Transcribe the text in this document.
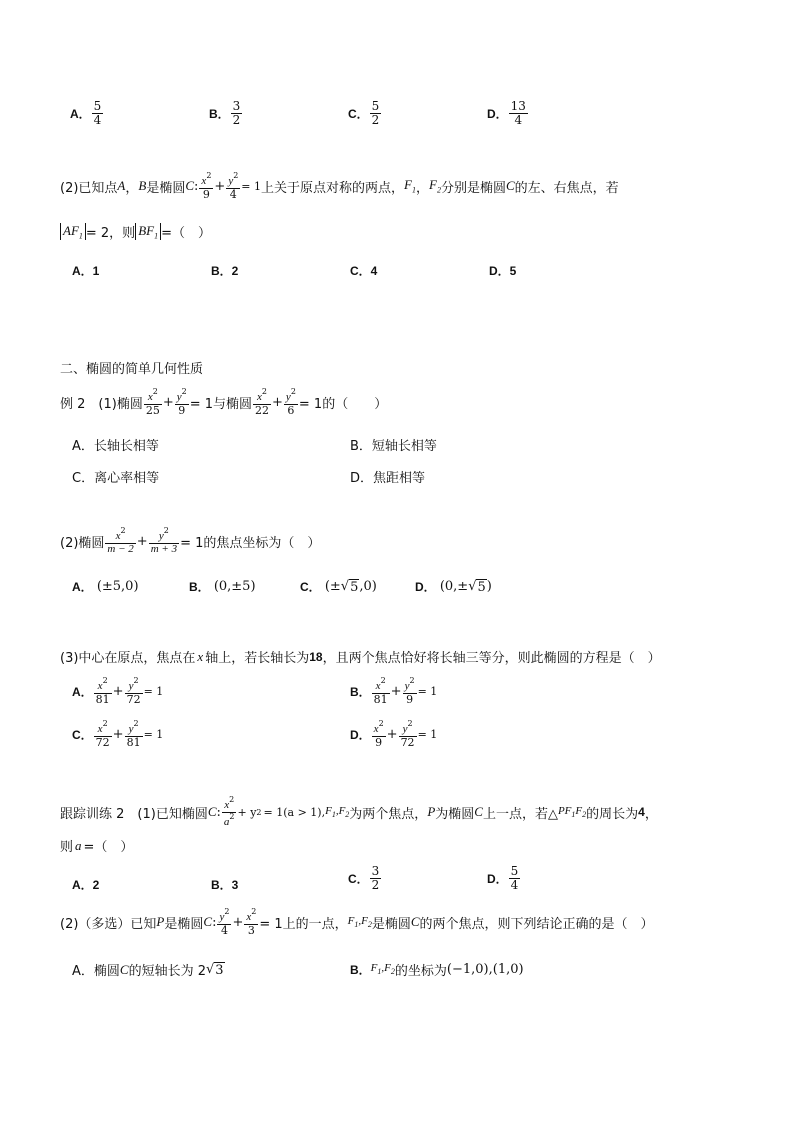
A． $\frac{5}{4}$	B． $\frac{3}{2}$	C． $\frac{5}{2}$	D． $\frac{13}{4}$
(2)已知点 A ， B 是椭圆 C : $\frac{x^2}{9} + \frac{y^2}{4} = 1$ 上关于原点对称的两点， $F_1$ ， $F_2$ 分别是椭圆 C 的左、右焦点，若
$AF_1 = 2$，则 $BF_1$ =（　）
A．1	B．2	C．4	D．5
二、椭圆的简单几何性质
例 2　(1)椭圆 $\frac{x^2}{25} + \frac{y^2}{9} = 1$与椭圆 $\frac{x^2}{22} + \frac{y^2}{6} = 1$的（　　）
A．长轴长相等	B．短轴长相等
C．离心率相等	D．焦距相等
(2)椭圆 $\frac{x^2}{m - 2} + \frac{y^2}{m + 3} = 1$的焦点坐标为（　）
A．
(±5,0)	B．
(0,±5)	C．
(± √ 5 ,0)	D．
(0,± √ 5 )
(3)中心在原点，焦点在 x 轴上，若长轴长为 18 ，且两个焦点恰好将长轴三等分，则此椭圆的方程是（　）
A． $\frac{x^2}{81} + \frac{y^2}{72} = 1$	B． $\frac{x^2}{81} + \frac{y^2}{9} = 1$
C． $\frac{x^2}{72} + \frac{y^2}{81} = 1$	D． $\frac{x^2}{9} + \frac{y^2}{72} = 1$
跟踪训练 2　(1)已知椭圆 C : $\frac{x^2}{a^2} + y$ 2 = 1(a > 1), $F_1,F_2$ 为两个焦点， P 为椭圆 C 上一点，若△ $PF_1F_2$ 的周长为 4 ，
则 a =（　）
A．2	B．3	C． $\frac{3}{2}$	D． $\frac{5}{4}$
(2)（多选）已知 P 是椭圆 C : $\frac{y^2}{4} + \frac{x^2}{3} = 1$上的一点， $F_1,F_2$ 是椭圆 C 的两个焦点，则下列结论正确的是（　）
A．椭圆 C 的短轴长为 2 √ 3	B． $F_1,F_2$ 的坐标为 (−1,0),(1,0)
